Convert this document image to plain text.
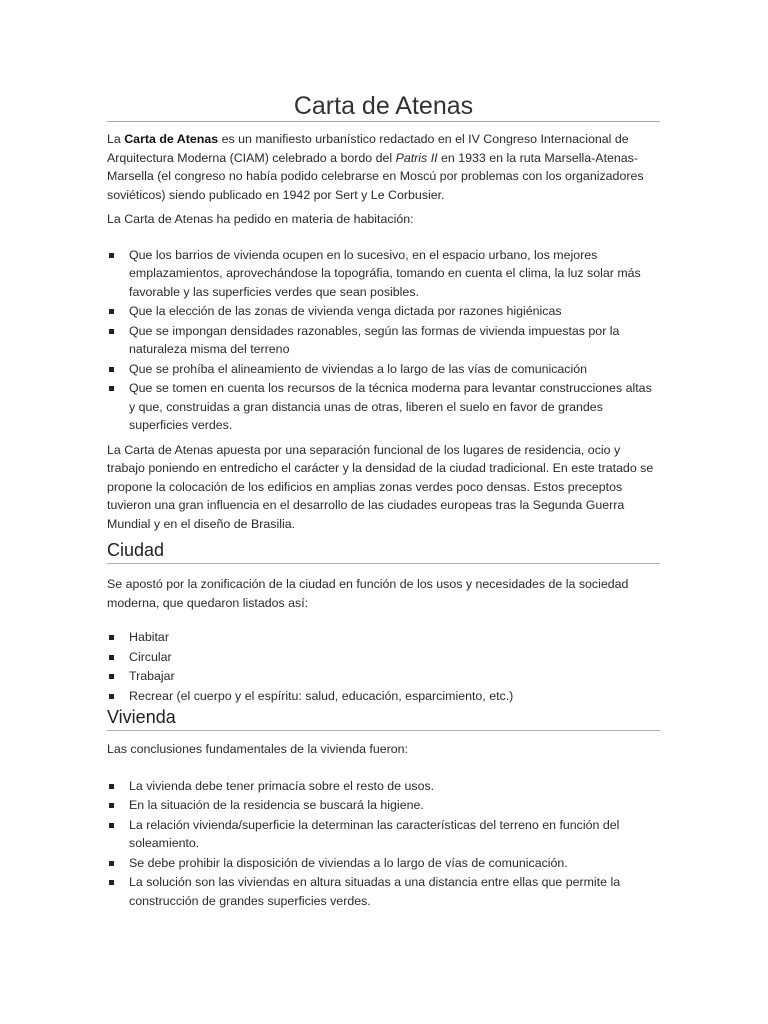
Carta de Atenas

La Carta de Atenas es un manifiesto urbanístico redactado en el IV Congreso Internacional de Arquitectura Moderna (CIAM) celebrado a bordo del Patris II en 1933 en la ruta Marsella-Atenas-Marsella (el congreso no había podido celebrarse en Moscú por problemas con los organizadores soviéticos) siendo publicado en 1942 por Sert y Le Corbusier.

La Carta de Atenas ha pedido en materia de habitación:

Que los barrios de vivienda ocupen en lo sucesivo, en el espacio urbano, los mejores emplazamientos, aprovechándose la topográfia, tomando en cuenta el clima, la luz solar más favorable y las superficies verdes que sean posibles.
Que la elección de las zonas de vivienda venga dictada por razones higiénicas
Que se impongan densidades razonables, según las formas de vivienda impuestas por la naturaleza misma del terreno
Que se prohíba el alineamiento de viviendas a lo largo de las vías de comunicación
Que se tomen en cuenta los recursos de la técnica moderna para levantar construcciones altas y que, construidas a gran distancia unas de otras, liberen el suelo en favor de grandes superficies verdes.

La Carta de Atenas apuesta por una separación funcional de los lugares de residencia, ocio y trabajo poniendo en entredicho el carácter y la densidad de la ciudad tradicional. En este tratado se propone la colocación de los edificios en amplias zonas verdes poco densas. Estos preceptos tuvieron una gran influencia en el desarrollo de las ciudades europeas tras la Segunda Guerra Mundial y en el diseño de Brasilia.

Ciudad

Se apostó por la zonificación de la ciudad en función de los usos y necesidades de la sociedad moderna, que quedaron listados así:

Habitar
Circular
Trabajar
Recrear (el cuerpo y el espíritu: salud, educación, esparcimiento, etc.)
Vivienda

Las conclusiones fundamentales de la vivienda fueron:

La vivienda debe tener primacía sobre el resto de usos.
En la situación de la residencia se buscará la higiene.
La relación vivienda/superficie la determinan las características del terreno en función del soleamiento.
Se debe prohibir la disposición de viviendas a lo largo de vías de comunicación.
La solución son las viviendas en altura situadas a una distancia entre ellas que permite la construcción de grandes superficies verdes.
